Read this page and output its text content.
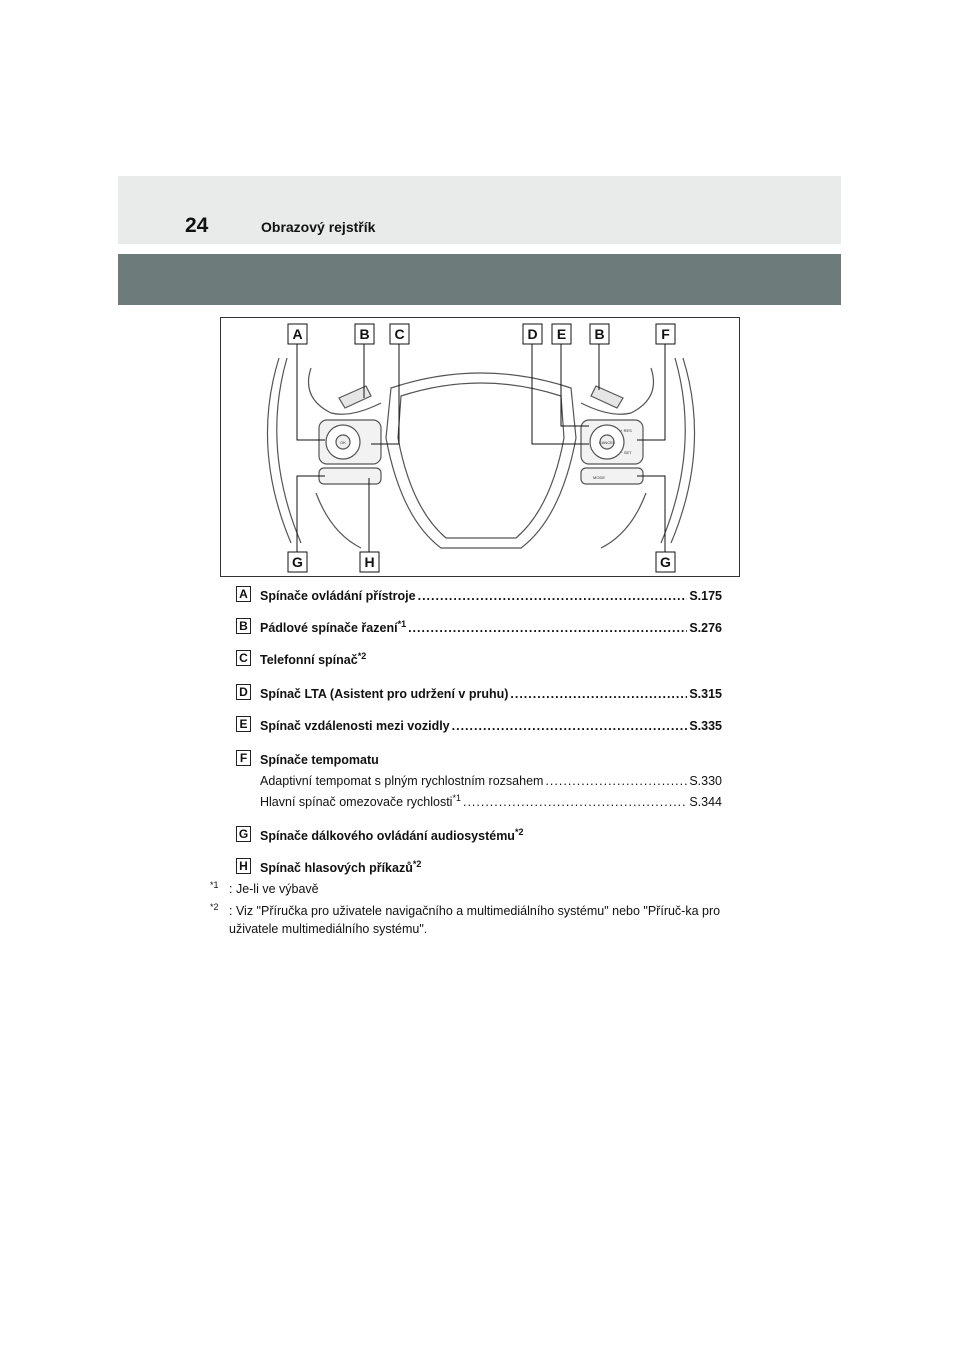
24	Obrazový rejstřík
OK
+ RES
− SET
CANCEL
MODE
A	B C	D E B	F
G	H	G
A Spínače ovládání přístroje .....	S.175
B Pádlové spínače řazení$^{*1}$ .....	S.276
C Telefonní spínač$^{*2}$
D Spínač LTA (Asistent pro udržení v pruhu) .....	S.315
E Spínač vzdálenosti mezi vozidly .....	S.335
F	Spínače tempomatu
Adaptivní tempomat s plným rychlostním rozsahem .....	S.330
Hlavní spínač omezovače rychlosti$^{*1}$ .....	S.344
G Spínače dálkového ovládání audiosystému$^{*2}$
H Spínač hlasových příkazů$^{*2}$
$^{*1}$ : Je-li ve výbavě
$^{*2}$ : Viz "Příručka pro uživatele navigačního a multimediálního systému" nebo "Příruč-ka pro uživatele multimediálního systému".
